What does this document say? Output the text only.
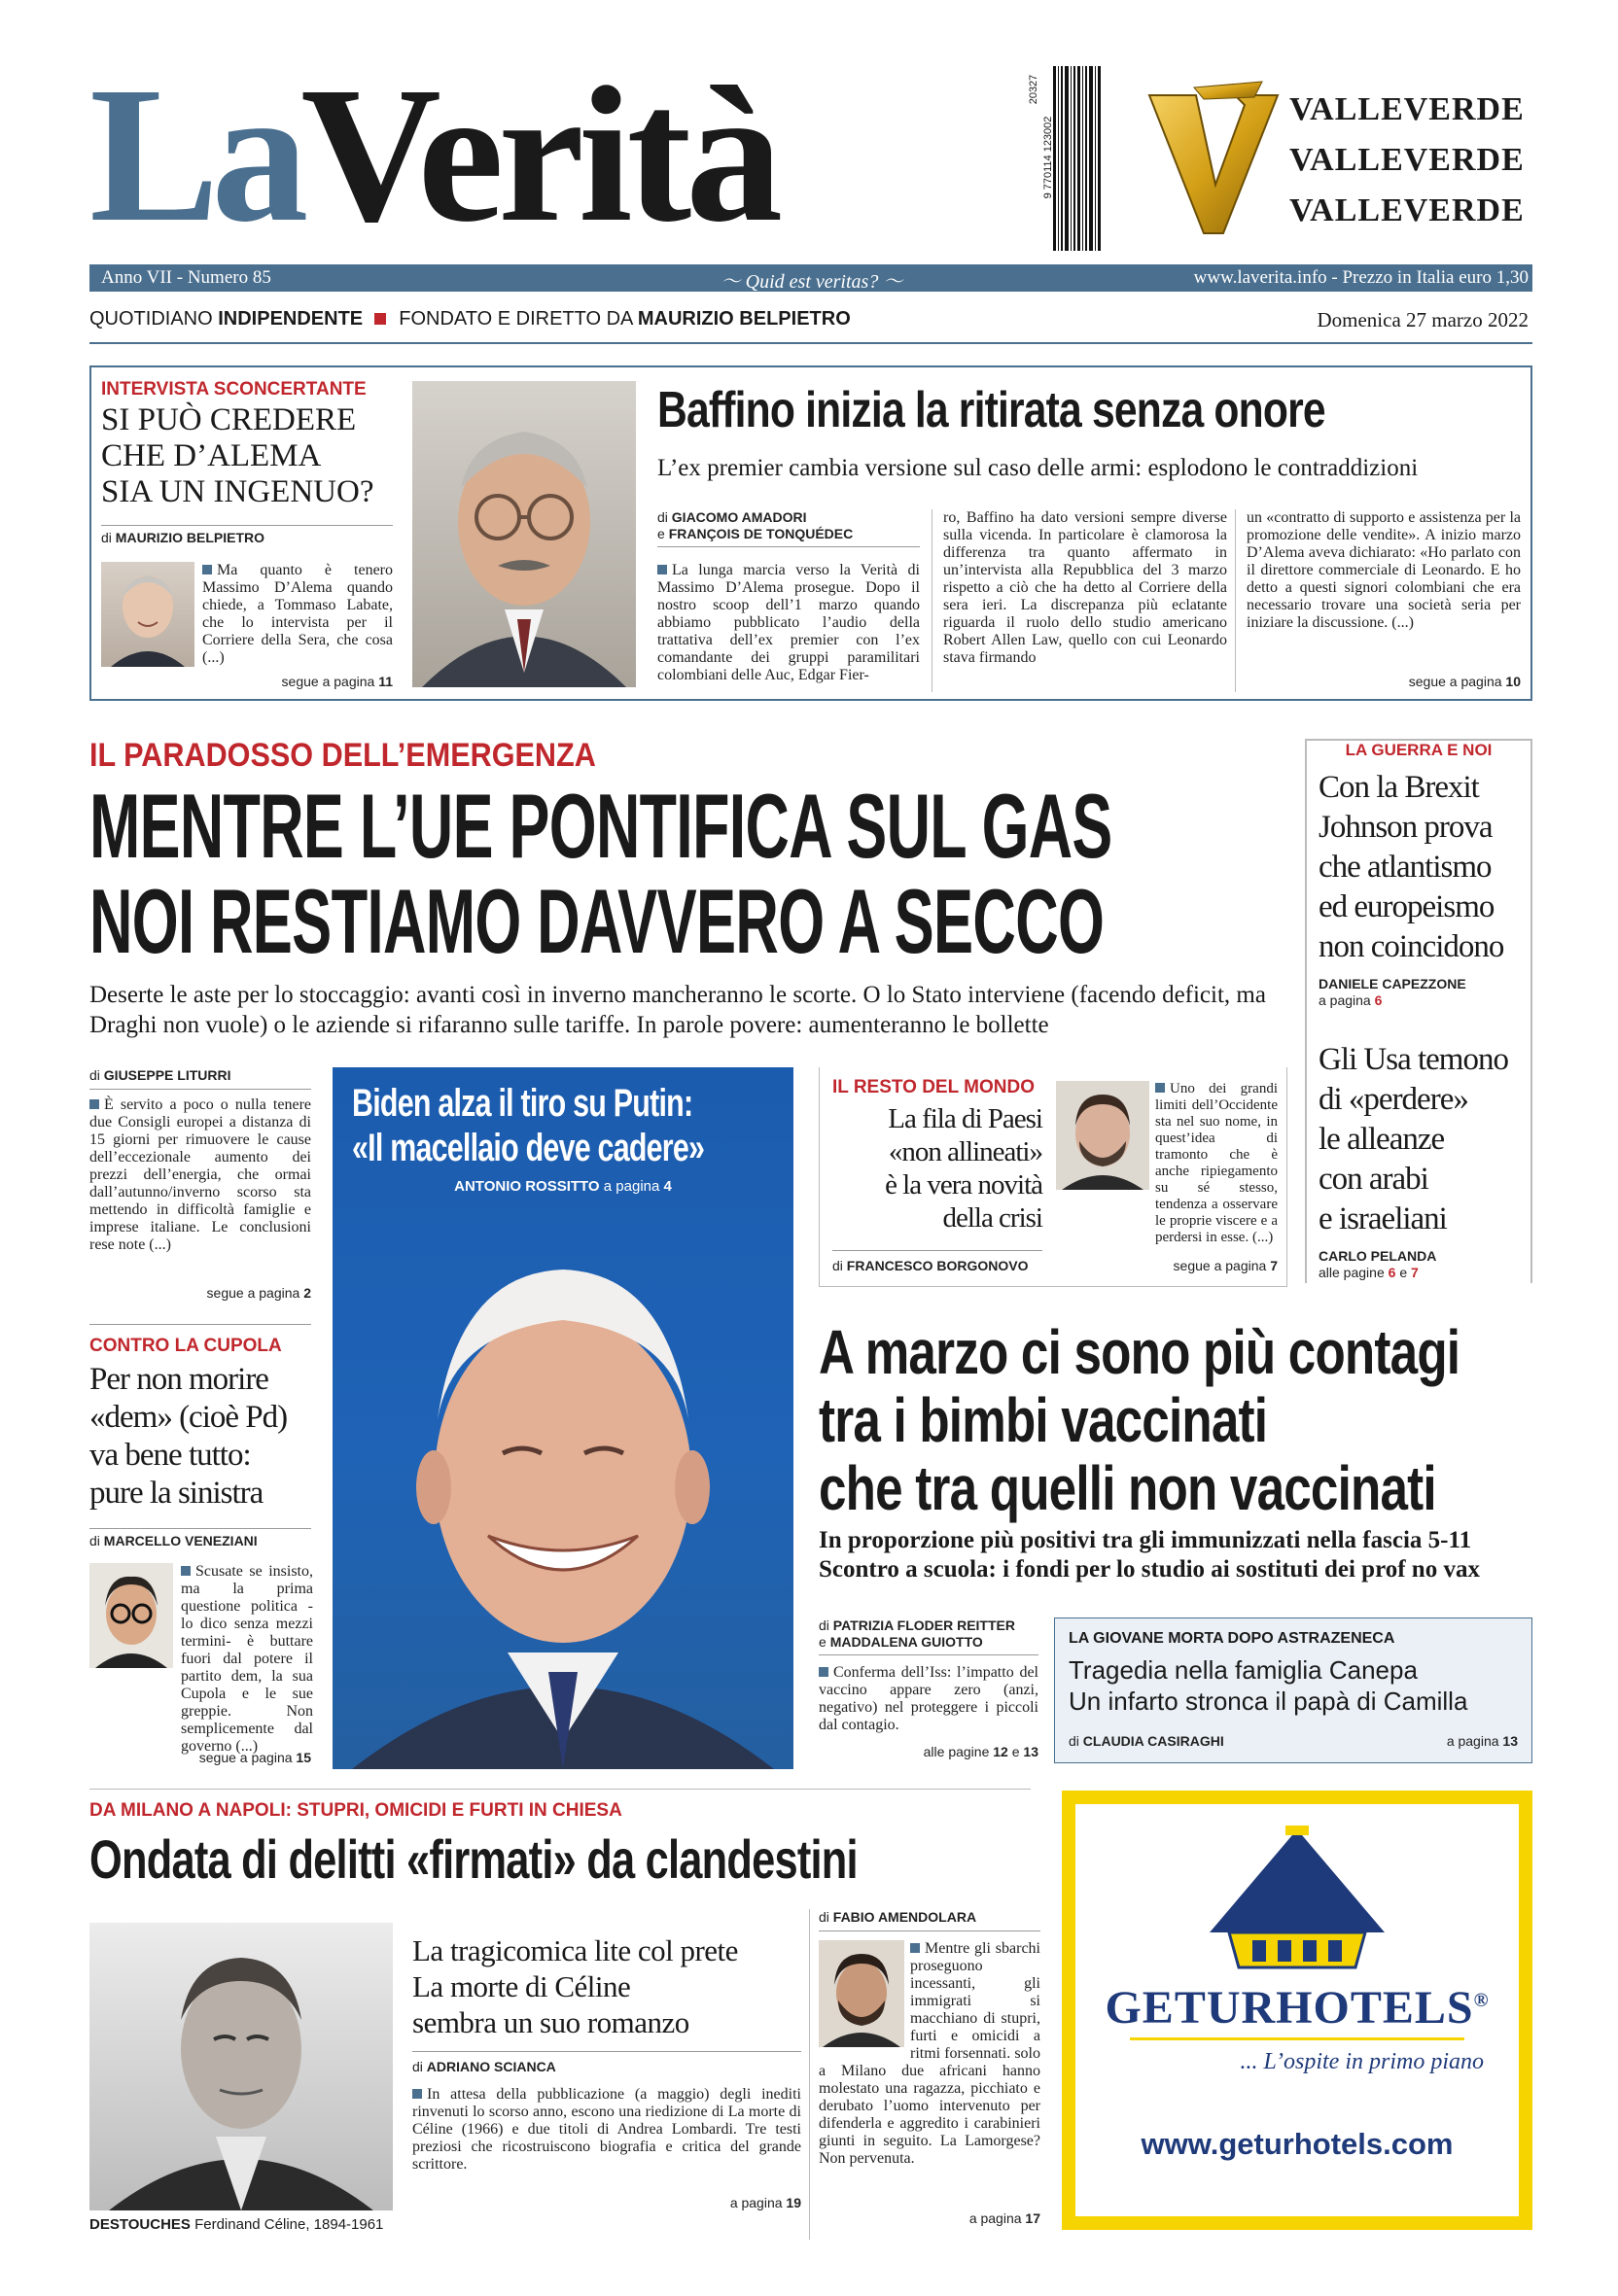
LaVerità	9 770114 123002
20327
VALLEVERDE
VALLEVERDE
VALLEVERDE
Anno VII - Numero 85	〜 Quid est veritas? 〜	www.laverita.info - Prezzo in Italia euro 1,30
QUOTIDIANO INDIPENDENTE FONDATO E DIRETTO DA MAURIZIO BELPIETRO	Domenica 27 marzo 2022
INTERVISTA SCONCERTANTE
SI PUÒ CREDERE
CHE D’ALEMA
SIA UN INGENUO?
di MAURIZIO BELPIETRO
Ma quanto è tenero Massimo D’Alema quando chiede, a Tommaso Labate, che lo intervista per il Corriere della Sera, che cosa (...)
segue a pagina 11
Baffino inizia la ritirata senza onore
L’ex premier cambia versione sul caso delle armi: esplodono le contraddizioni
di GIACOMO AMADORI
e FRANÇOIS DE TONQUÉDEC
La lunga marcia verso la Verità di Massimo D’Alema prosegue. Dopo il nostro scoop dell’1 marzo quando abbiamo pubblicato l’audio della trattativa dell’ex premier con l’ex comandante dei gruppi paramilitari colombiani delle Auc, Edgar Fier-
ro, Baffino ha dato versioni sempre diverse sulla vicenda. In particolare è clamorosa la differenza tra quanto affermato in un’intervista alla Repubblica del 3 marzo rispetto a ciò che ha detto al Corriere della sera ieri. La discrepanza più eclatante riguarda il ruolo dello studio americano Robert Allen Law, quello con cui Leonardo stava firmando
un «contratto di supporto e assistenza per la promozione delle vendite». A inizio marzo D’Alema aveva dichiarato: «Ho parlato con il direttore commerciale di Leonardo. E ho detto a questi signori colombiani che era necessario trovare una società seria per iniziare la discussione. (...)
segue a pagina 10
IL PARADOSSO DELL’EMERGENZA
MENTRE L’UE PONTIFICA SUL GAS
NOI RESTIAMO DAVVERO A SECCO
Deserte le aste per lo stoccaggio: avanti così in inverno mancheranno le scorte. O lo Stato interviene (facendo deficit, ma Draghi non vuole) o le aziende si rifaranno sulle tariffe. In parole povere: aumenteranno le bollette
LA GUERRA E NOI
Con la Brexit
Johnson prova
che atlantismo
ed europeismo
non coincidono
DANIELE CAPEZZONE
a pagina 6
Gli Usa temono
di «perdere»
le alleanze
con arabi
e israeliani
CARLO PELANDA
alle pagine 6 e 7
di GIUSEPPE LITURRI
È servito a poco o nulla tenere due Consigli europei a distanza di 15 giorni per rimuovere le cause dell’eccezionale aumento dei prezzi dell’energia, che ormai dall’autunno/inverno scorso sta mettendo in difficoltà famiglie e imprese italiane. Le conclusioni rese note (...)
segue a pagina 2
CONTRO LA CUPOLA
Per non morire
«dem» (cioè Pd)
va bene tutto:
pure la sinistra
di MARCELLO VENEZIANI
Scusate se insisto, ma la prima questione politica - lo dico senza mezzi termini- è buttare fuori dal potere il partito dem, la sua Cupola e le sue greppie. Non semplicemente dal governo (...)
segue a pagina 15
Biden alza il tiro su Putin:
«Il macellaio deve cadere»
ANTONIO ROSSITTO a pagina 4
IL RESTO DEL MONDO
La fila di Paesi
«non allineati»
è la vera novità
della crisi
di FRANCESCO BORGONOVO
Uno dei grandi limiti dell’Occidente sta nel suo nome, in quest’idea di tramonto che è anche ripiegamento su sé stesso, tendenza a osservare le proprie viscere e a perdersi in esse. (...)
segue a pagina 7
A marzo ci sono più contagi
tra i bimbi vaccinati
che tra quelli non vaccinati
In proporzione più positivi tra gli immunizzati nella fascia 5-11
Scontro a scuola: i fondi per lo studio ai sostituti dei prof no vax
di PATRIZIA FLODER REITTER
e MADDALENA GUIOTTO
Conferma dell’Iss: l’impatto del vaccino appare zero (anzi, negativo) nel proteggere i piccoli dal contagio.
alle pagine 12 e 13
LA GIOVANE MORTA DOPO ASTRAZENECA
Tragedia nella famiglia Canepa
Un infarto stronca il papà di Camilla
di CLAUDIA CASIRAGHI	a pagina 13
DA MILANO A NAPOLI: STUPRI, OMICIDI E FURTI IN CHIESA
Ondata di delitti «firmati» da clandestini
DESTOUCHES Ferdinand Céline, 1894-1961
La tragicomica lite col prete
La morte di Céline
sembra un suo romanzo
di ADRIANO SCIANCA
In attesa della pubblicazione (a maggio) degli inediti rinvenuti lo scorso anno, escono una riedizione di La morte di Céline (1966) e due titoli di Andrea Lombardi. Tre testi preziosi che ricostruiscono biografia e critica del grande scrittore.
a pagina 19
di FABIO AMENDOLARA
Mentre gli sbarchi proseguono incessanti, gli immigrati si macchiano di stupri, furti e omicidi a ritmi forsennati. solo a Milano due africani hanno molestato una ragazza, picchiato e derubato l’uomo intervenuto per difenderla e aggredito i carabinieri giunti in seguito. La Lamorgese? Non pervenuta.
a pagina 17
GETURHOTELS®
... L’ospite in primo piano
www.geturhotels.com
